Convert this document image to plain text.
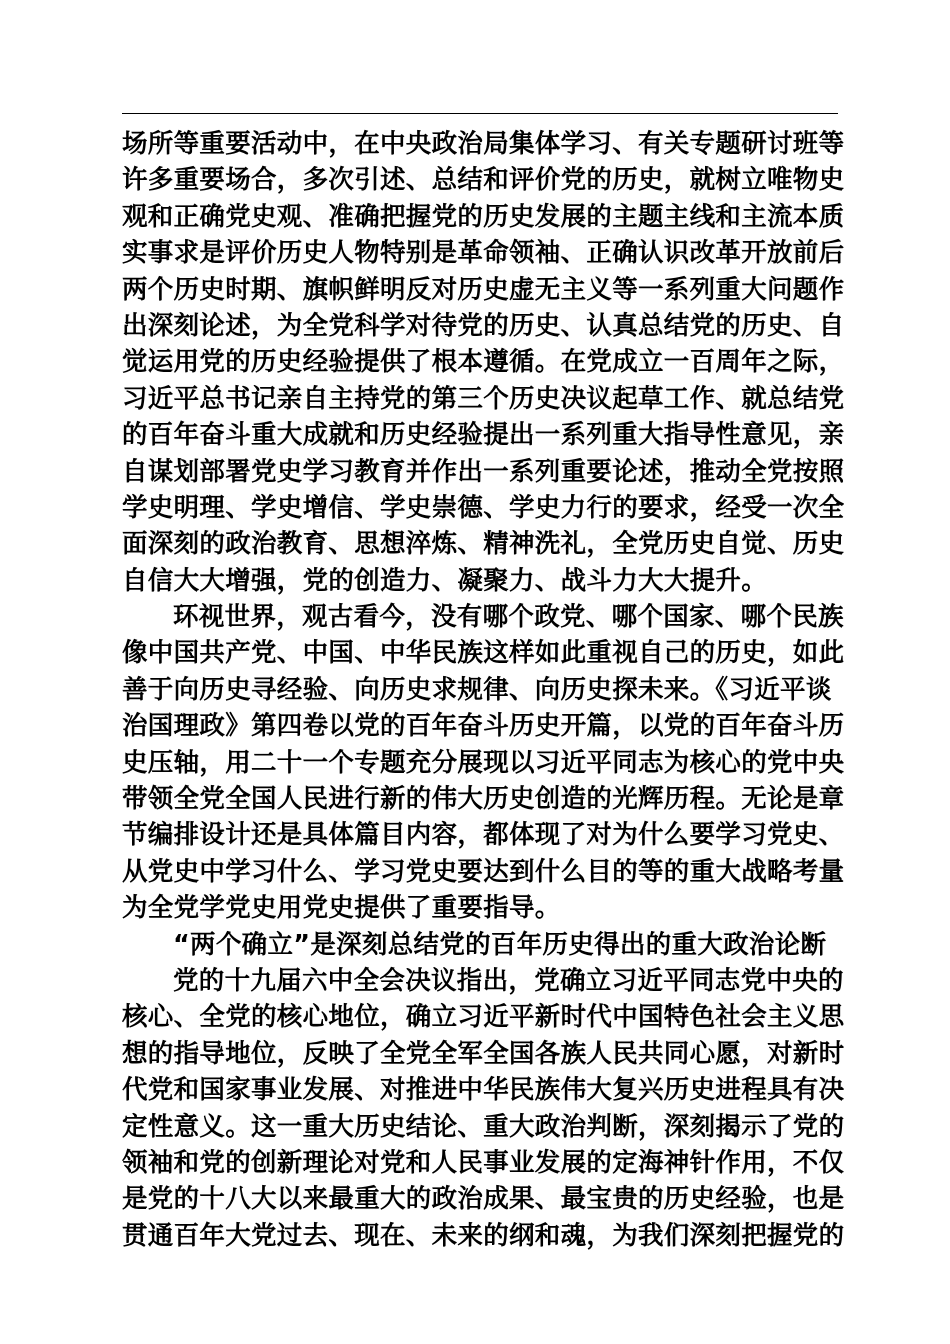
场所等重要活动中，在中央政治局集体学习、有关专题研讨班等
许多重要场合，多次引述、总结和评价党的历史，就树立唯物史
观和正确党史观、准确把握党的历史发展的主题主线和主流本质
实事求是评价历史人物特别是革命领袖、正确认识改革开放前后
两个历史时期、旗帜鲜明反对历史虚无主义等一系列重大问题作
出深刻论述，为全党科学对待党的历史、认真总结党的历史、自
觉运用党的历史经验提供了根本遵循。在党成立一百周年之际，
习近平总书记亲自主持党的第三个历史决议起草工作、就总结党
的百年奋斗重大成就和历史经验提出一系列重大指导性意见，亲
自谋划部署党史学习教育并作出一系列重要论述，推动全党按照
学史明理、学史增信、学史崇德、学史力行的要求，经受一次全
面深刻的政治教育、思想淬炼、精神洗礼，全党历史自觉、历史
自信大大增强，党的创造力、凝聚力、战斗力大大提升。
环视世界，观古看今，没有哪个政党、哪个国家、哪个民族
像中国共产党、中国、中华民族这样如此重视自己的历史，如此
善于向历史寻经验、向历史求规律、向历史探未来。《习近平谈
治国理政》第四卷以党的百年奋斗历史开篇，以党的百年奋斗历
史压轴，用二十一个专题充分展现以习近平同志为核心的党中央
带领全党全国人民进行新的伟大历史创造的光辉历程。无论是章
节编排设计还是具体篇目内容，都体现了对为什么要学习党史、
从党史中学习什么、学习党史要达到什么目的等的重大战略考量
为全党学党史用党史提供了重要指导。
“两个确立”是深刻总结党的百年历史得出的重大政治论断
党的十九届六中全会决议指出，党确立习近平同志党中央的
核心、全党的核心地位，确立习近平新时代中国特色社会主义思
想的指导地位，反映了全党全军全国各族人民共同心愿，对新时
代党和国家事业发展、对推进中华民族伟大复兴历史进程具有决
定性意义。这一重大历史结论、重大政治判断，深刻揭示了党的
领袖和党的创新理论对党和人民事业发展的定海神针作用，不仅
是党的十八大以来最重大的政治成果、最宝贵的历史经验，也是
贯通百年大党过去、现在、未来的纲和魂，为我们深刻把握党的
